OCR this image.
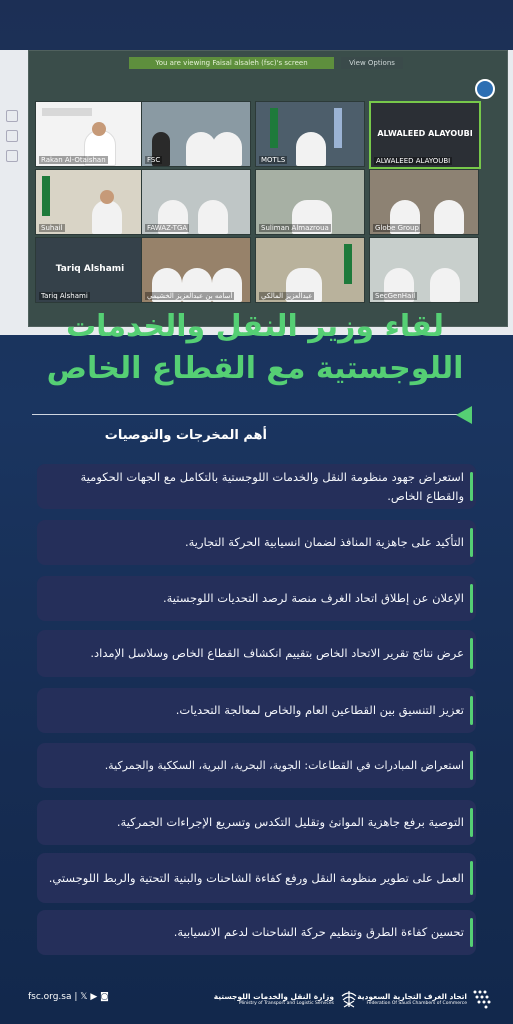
You are viewing Faisal alsaleh (fsc)'s screen	View Options
Rakan Al-Otaishan	FSC	MOTLS
ALWALEED ALAYOUBI
ALWALEED ALAYOUBI
Suhail	FAWAZ-TGA	Suliman Almazroua	Globe Group
Tariq Alshami
Tariq Alshami	أسامه بن عبدالعزيز الخشيمي	عبدالعزيز المالكي	SecGenHail
لقاء وزير النقل والخدمات
اللوجستية مع القطاع الخاص
أهم المخرجات والتوصيات
استعراض جهود منظومة النقل والخدمات اللوجستية بالتكامل مع الجهات الحكومية والقطاع الخاص.
التأكيد على جاهزية المنافذ لضمان انسيابية الحركة التجارية.
الإعلان عن إطلاق اتحاد الغرف منصة لرصد التحديات اللوجستية.
عرض نتائج تقرير الاتحاد الخاص بتقييم انكشاف القطاع الخاص وسلاسل الإمداد.
تعزيز التنسيق بين القطاعين العام والخاص لمعالجة التحديات.
استعراض المبادرات في القطاعات: الجوية، البحرية، البرية، السككية والجمركية.
التوصية برفع جاهزية الموانئ وتقليل التكدس وتسريع الإجراءات الجمركية.
العمل على تطوير منظومة النقل ورفع كفاءة الشاحنات والبنية التحتية والربط اللوجستي.
تحسين كفاءة الطرق وتنظيم حركة الشاحنات لدعم الانسيابية.
fsc.org.sa | 𝕏 ▶ ◙	وزارة النقل والخدمات اللوجستية
Ministry of Transport and Logistic Services
اتحاد الغرف التجارية السعودية
Federation Of Saudi Chambers of Commerce
